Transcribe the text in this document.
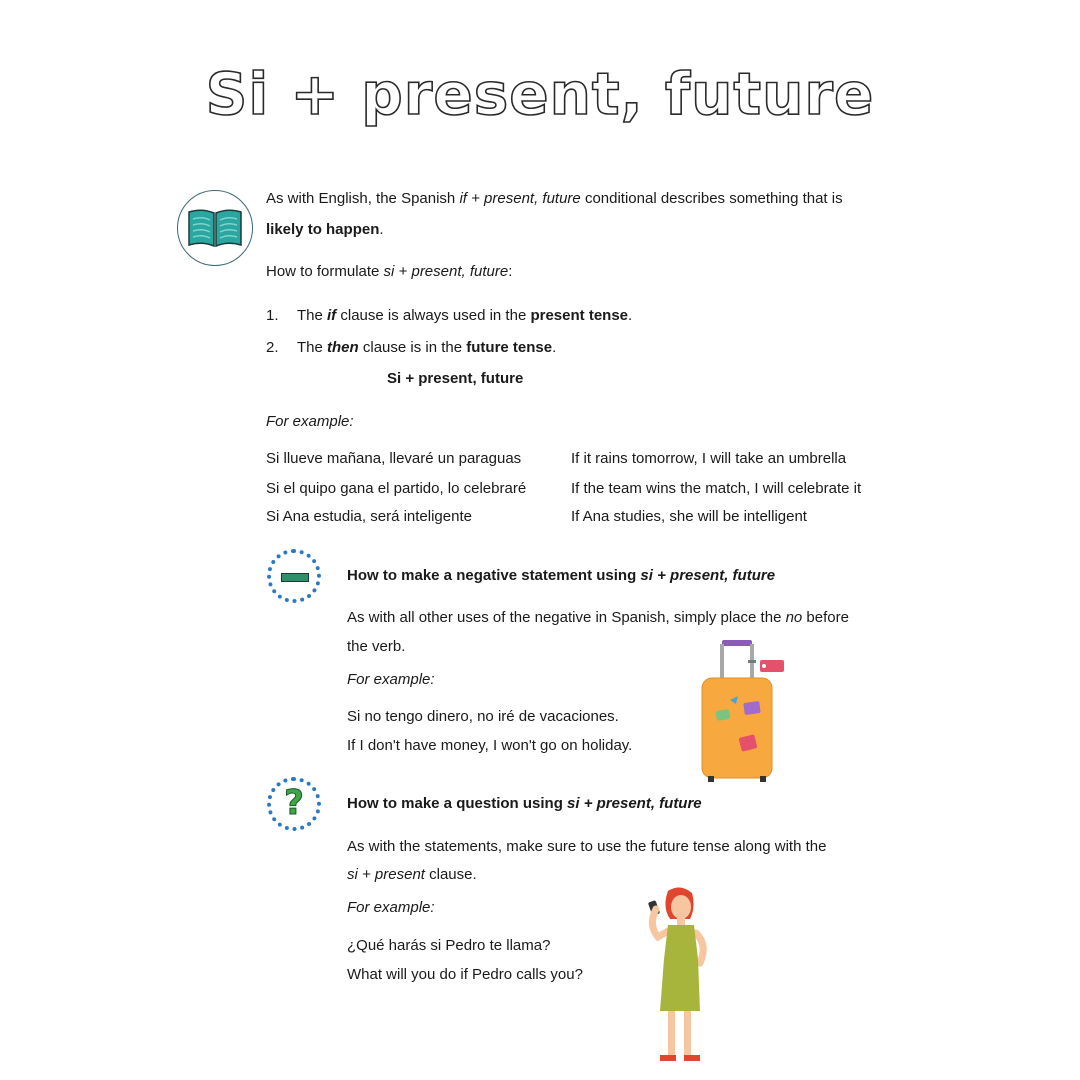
Si + present, future
As with English, the Spanish if + present, future conditional describes something that is
likely to happen.
How to formulate si + present, future:
1. The if clause is always used in the present tense.
2. The then clause is in the future tense.
Si + present, future
For example:
Si llueve mañana, llevaré un paraguas	If it rains tomorrow, I will take an umbrella
Si el quipo gana el partido, lo celebraré	If the team wins the match, I will celebrate it
Si Ana estudia, será inteligente	If Ana studies, she will be intelligent
How to make a negative statement using si + present, future
As with all other uses of the negative in Spanish, simply place the no before
the verb.
For example:
Si no tengo dinero, no iré de vacaciones.
If I don't have money, I won't go on holiday.
?	How to make a question using si + present, future
As with the statements, make sure to use the future tense along with the
si + present clause.
For example:
¿Qué harás si Pedro te llama?
What will you do if Pedro calls you?
